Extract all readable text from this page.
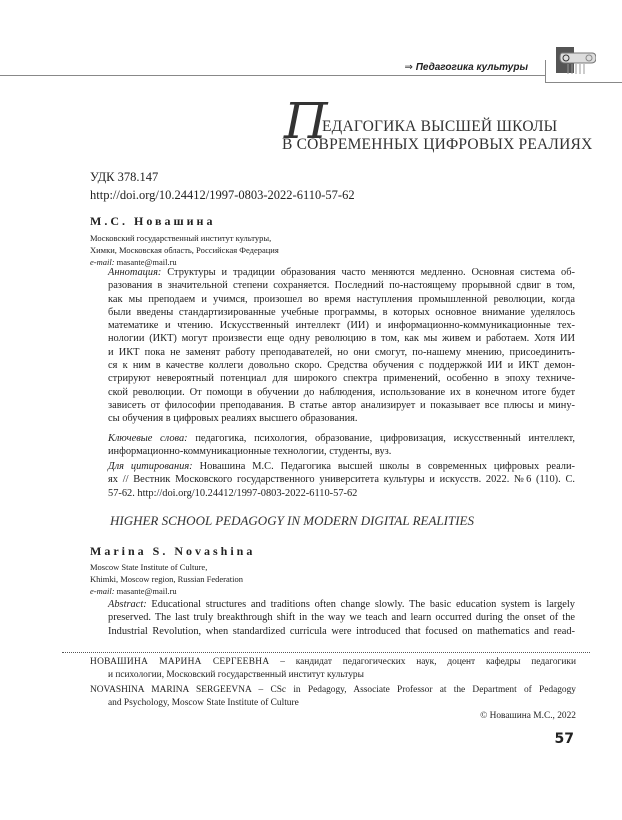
⇒ Педагогика культуры
П
ЕДАГОГИКА ВЫСШЕЙ ШКОЛЫ
В СОВРЕМЕННЫХ ЦИФРОВЫХ РЕАЛИЯХ
УДК 378.147
http://doi.org/10.24412/1997-0803-2022-6110-57-62
М.С. Новашина
Московский государственный институт культуры,
Химки, Московская область, Российская Федерация
e-mail: masante@mail.ru
Аннотация: Структуры и традиции образования часто меняются медленно. Основная система об-
разования в значительной степени сохраняется. Последний по-настоящему прорывной сдвиг в том,
как мы преподаем и учимся, произошел во время наступления промышленной революции, когда
были введены стандартизированные учебные программы, в которых основное внимание уделялось
математике и чтению. Искусственный интеллект (ИИ) и информационно-коммуникационные тех-
нологии (ИКТ) могут произвести еще одну революцию в том, как мы живем и работаем. Хотя ИИ
и ИКТ пока не заменят работу преподавателей, но они смогут, по-нашему мнению, присоединить-
ся к ним в качестве коллеги довольно скоро. Средства обучения с поддержкой ИИ и ИКТ демон-
стрируют невероятный потенциал для широкого спектра применений, особенно в эпоху техниче-
ской революции. От помощи в обучении до наблюдения, использование их в конечном итоге будет
зависеть от философии преподавания. В статье автор анализирует и показывает все плюсы и мину-
сы обучения в цифровых реалиях высшего образования.
Ключевые слова: педагогика, психология, образование, цифровизация, искусственный интеллект,
информационно-коммуникационные технологии, студенты, вуз.
Для цитирования: Новашина М.С. Педагогика высшей школы в современных цифровых реали-
ях // Вестник Московского государственного университета культуры и искусств. 2022. №6 (110). С.
57-62. http://doi.org/10.24412/1997-0803-2022-6110-57-62
HIGHER SCHOOL PEDAGOGY IN MODERN DIGITAL REALITIES
Marina S. Novashina
Moscow State Institute of Culture,
Khimki, Moscow region, Russian Federation
e-mail: masante@mail.ru
Abstract: Educational structures and traditions often change slowly. The basic education system is largely
preserved. The last truly breakthrough shift in the way we teach and learn occurred during the onset of the
Industrial Revolution, when standardized curricula were introduced that focused on mathematics and read-
НОВАШИНА МАРИНА СЕРГЕЕВНА – кандидат педагогических наук, доцент кафедры педагогики
и психологии, Московский государственный институт культуры
NOVASHINA MARINA SERGEEVNA – CSc in Pedagogy, Associate Professor at the Department of Pedagogy
and Psychology, Moscow State Institute of Culture
© Новашина М.С., 2022
57
